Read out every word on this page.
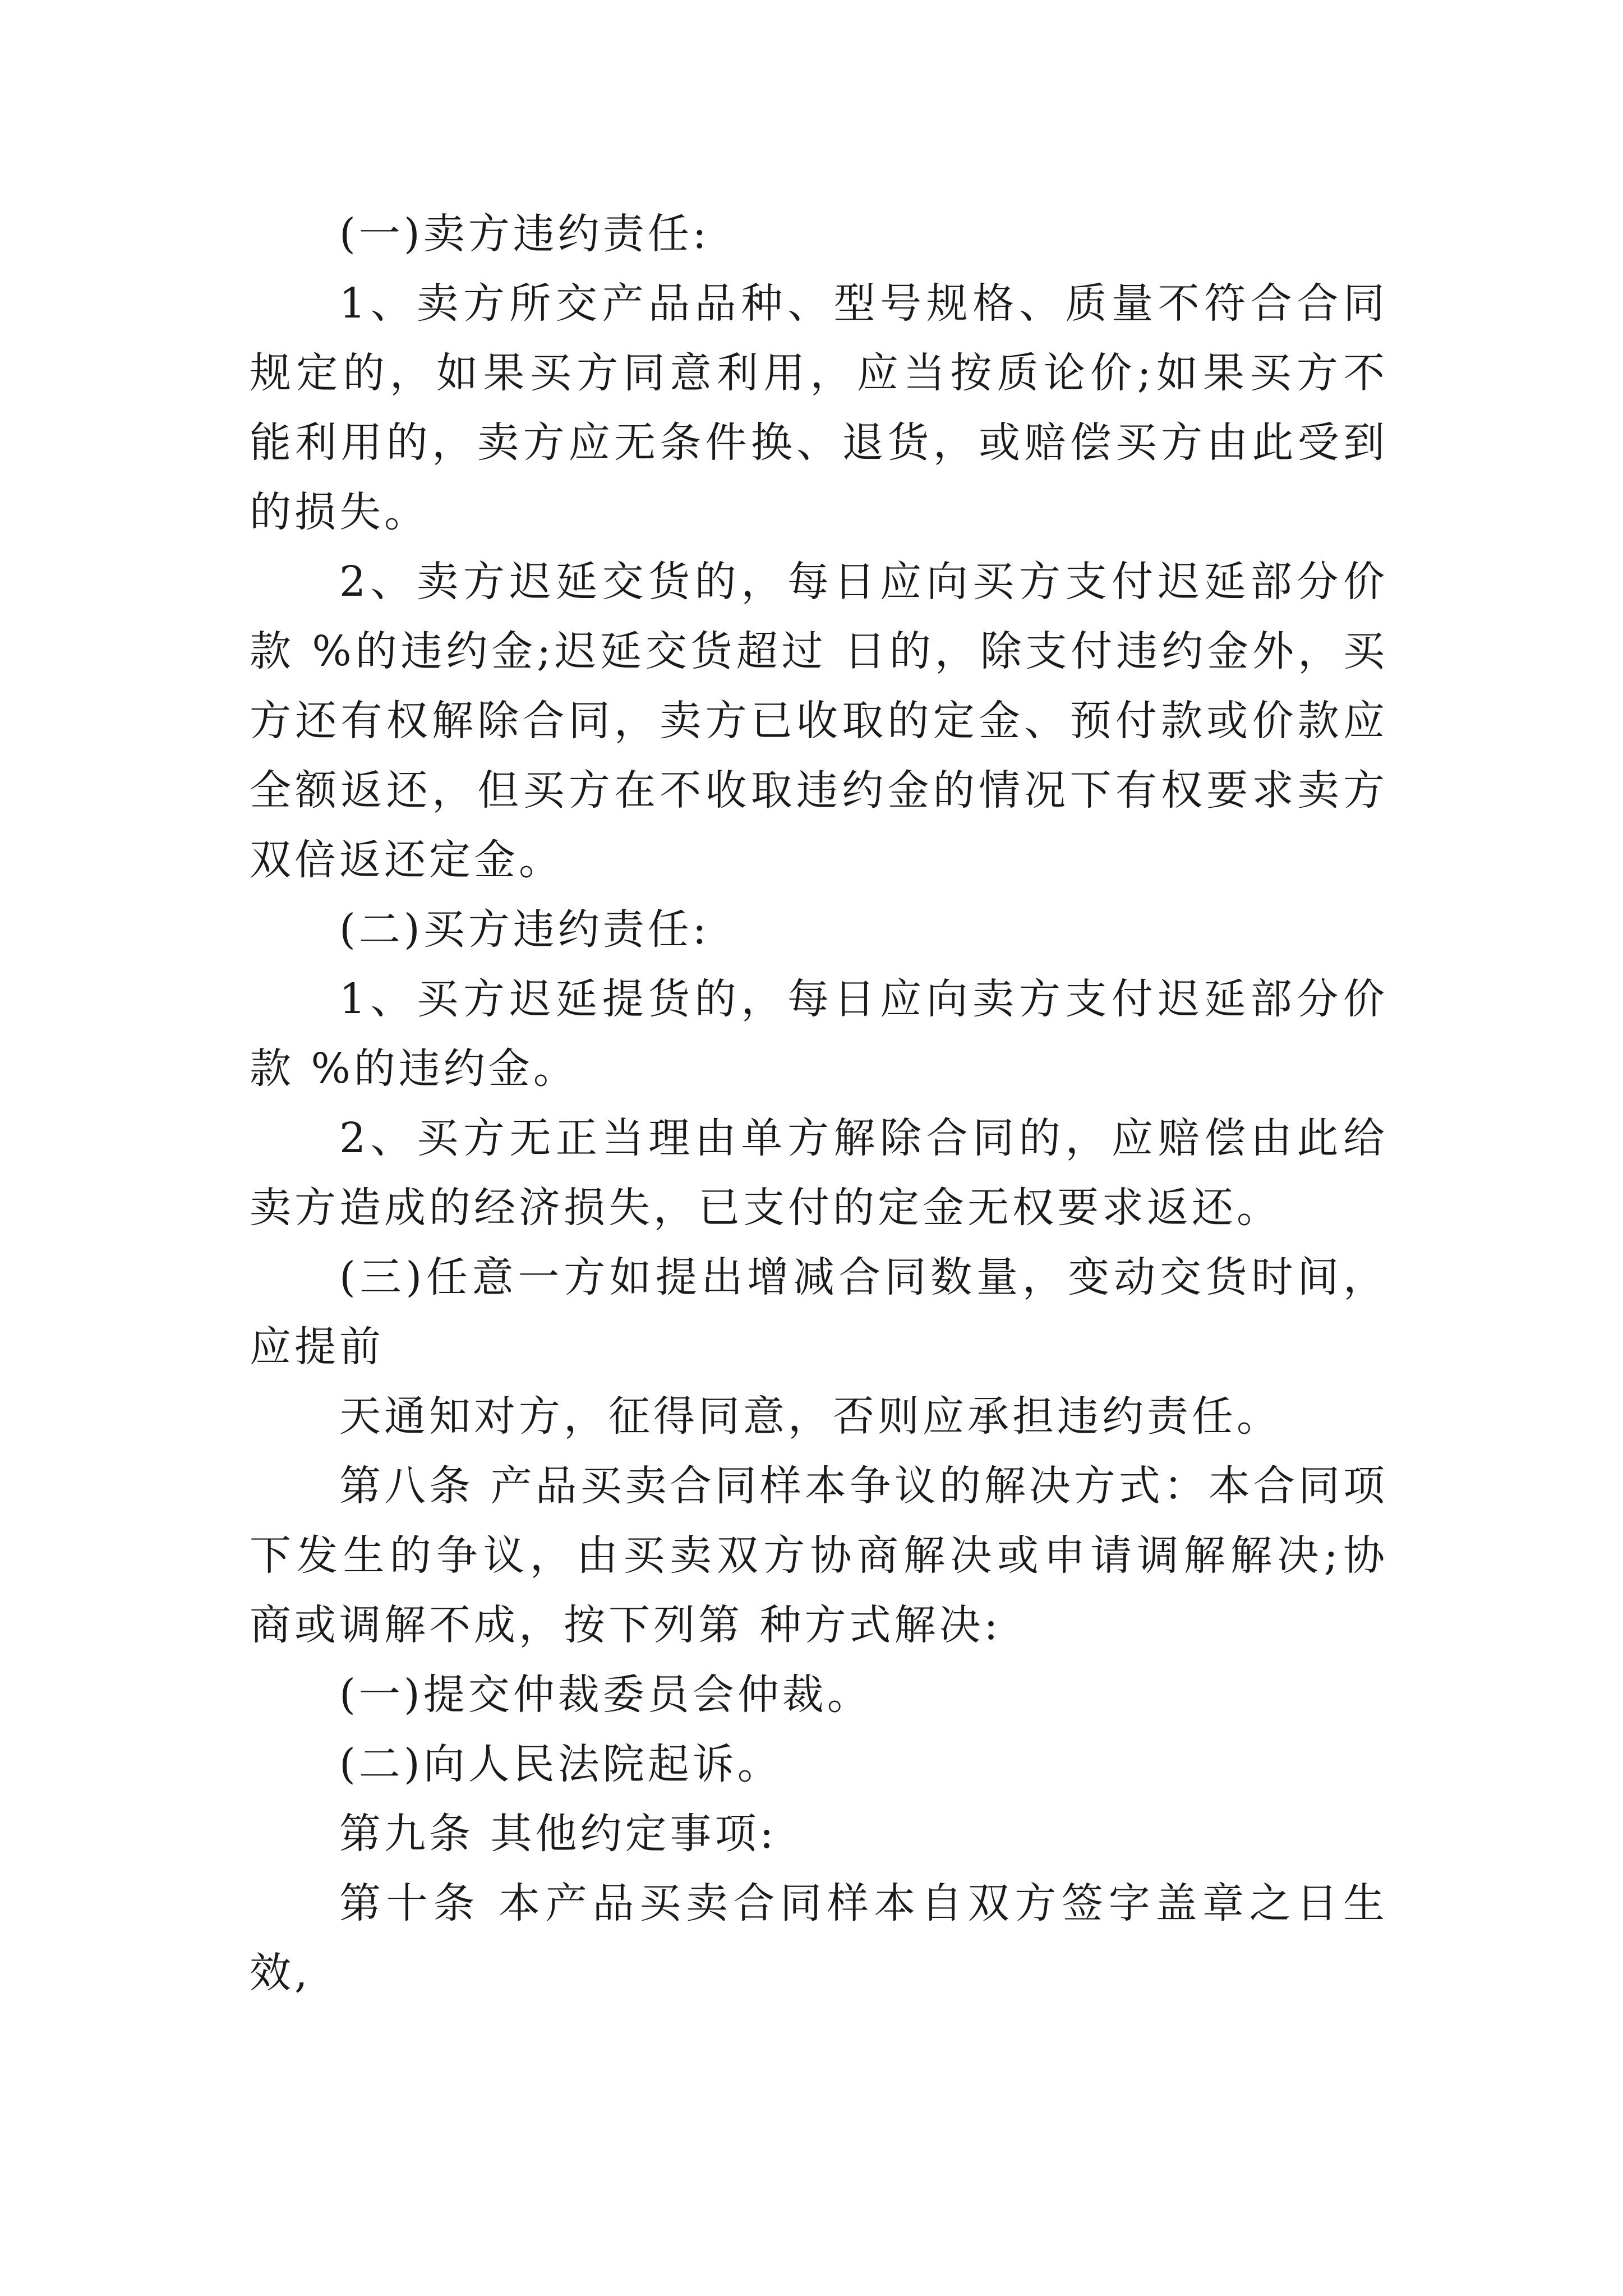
(一)卖方违约责任:

1、卖方所交产品品种、型号规格、质量不符合合同规定的，如果买方同意利用，应当按质论价;如果买方不能利用的，卖方应无条件换、退货，或赔偿买方由此受到的损失。

2、卖方迟延交货的，每日应向买方支付迟延部分价款 %的违约金;迟延交货超过 日的，除支付违约金外，买方还有权解除合同，卖方已收取的定金、预付款或价款应全额返还，但买方在不收取违约金的情况下有权要求卖方双倍返还定金。

(二)买方违约责任:

1、买方迟延提货的，每日应向卖方支付迟延部分价款 %的违约金。

2、买方无正当理由单方解除合同的，应赔偿由此给卖方造成的经济损失，已支付的定金无权要求返还。

(三)任意一方如提出增减合同数量，变动交货时间，应提前

天通知对方，征得同意，否则应承担违约责任。

第八条 产品买卖合同样本争议的解决方式：本合同项下发生的争议，由买卖双方协商解决或申请调解解决;协商或调解不成，按下列第 种方式解决:

(一)提交仲裁委员会仲裁。

(二)向人民法院起诉。

第九条 其他约定事项:

第十条 本产品买卖合同样本自双方签字盖章之日生效,
